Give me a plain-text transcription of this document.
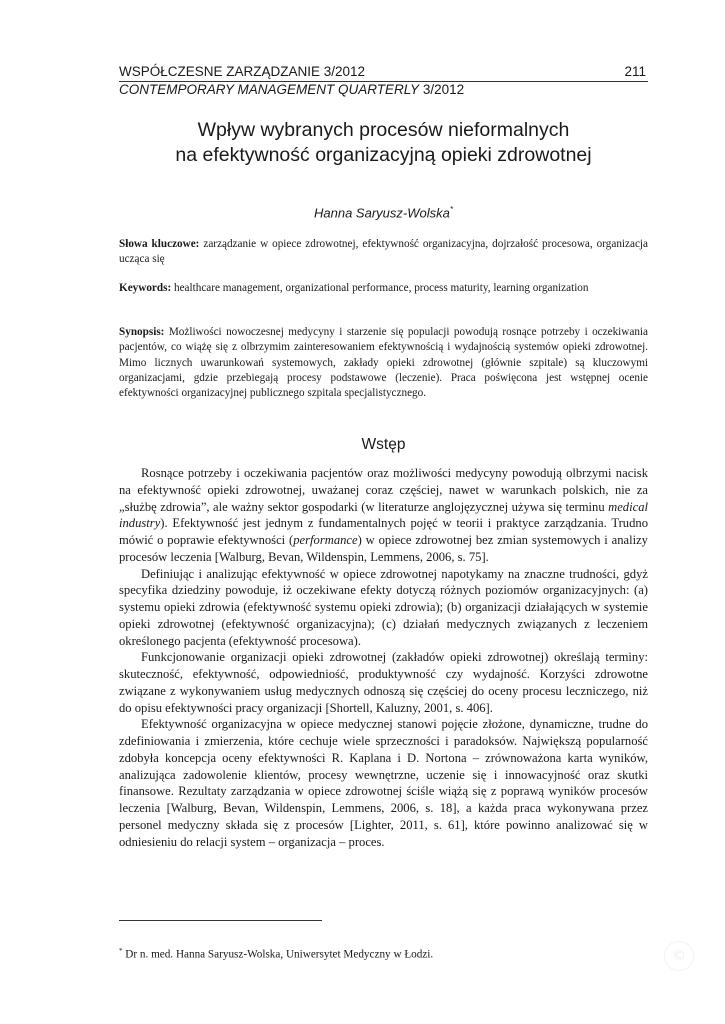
WSPÓŁCZESNE ZARZĄDZANIE 3/2012	211
CONTEMPORARY MANAGEMENT QUARTERLY 3/2012
Wpływ wybranych procesów nieformalnych
na efektywność organizacyjną opieki zdrowotnej
Hanna Saryusz-Wolska*
Słowa kluczowe: zarządzanie w opiece zdrowotnej, efektywność organizacyjna, dojrzałość procesowa, organizacja ucząca się
Keywords: healthcare management, organizational performance, process maturity, learning organization
Synopsis: Możliwości nowoczesnej medycyny i starzenie się populacji powodują rosnące potrzeby i oczekiwania pacjentów, co wiążę się z olbrzymim zainteresowaniem efektywnością i wydajnością systemów opieki zdrowotnej. Mimo licznych uwarunkowań systemowych, zakłady opieki zdrowotnej (głównie szpitale) są kluczowymi organizacjami, gdzie przebiegają procesy podstawowe (leczenie). Praca poświęcona jest wstępnej ocenie efektywności organizacyjnej publicznego szpitala specjalistycznego.
Wstęp

Rosnące potrzeby i oczekiwania pacjentów oraz możliwości medycyny powodują olbrzymi nacisk na efektywność opieki zdrowotnej, uważanej coraz częściej, nawet w warunkach polskich, nie za „służbę zdrowia”, ale ważny sektor gospodarki (w literaturze anglojęzycznej używa się terminu medical industry). Efektywność jest jednym z fundamentalnych pojęć w teorii i praktyce zarządzania. Trudno mówić o poprawie efektywności (performance) w opiece zdrowotnej bez zmian systemowych i analizy procesów leczenia [Walburg, Bevan, Wildenspin, Lemmens, 2006, s. 75].

Definiując i analizując efektywność w opiece zdrowotnej napotykamy na znaczne trudności, gdyż specyfika dziedziny powoduje, iż oczekiwane efekty dotyczą różnych poziomów organizacyjnych: (a) systemu opieki zdrowia (efektywność systemu opieki zdrowia); (b) organizacji działających w systemie opieki zdrowotnej (efektywność organizacyjna); (c) działań medycznych związanych z leczeniem określonego pacjenta (efektywność procesowa).

Funkcjonowanie organizacji opieki zdrowotnej (zakładów opieki zdrowotnej) określają terminy: skuteczność, efektywność, odpowiedniość, produktywność czy wydajność. Korzyści zdrowotne związane z wykonywaniem usług medycznych odnoszą się częściej do oceny procesu leczniczego, niż do opisu efektywności pracy organizacji [Shortell, Kaluzny, 2001, s. 406].

Efektywność organizacyjna w opiece medycznej stanowi pojęcie złożone, dynamiczne, trudne do zdefiniowania i zmierzenia, które cechuje wiele sprzeczności i paradoksów. Największą popularność zdobyła koncepcja oceny efektywności R. Kaplana i D. Nortona – zrównoważona karta wyników, analizująca zadowolenie klientów, procesy wewnętrzne, uczenie się i innowacyjność oraz skutki finansowe. Rezultaty zarządzania w opiece zdrowotnej ściśle wiążą się z poprawą wyników procesów leczenia [Walburg, Bevan, Wildenspin, Lemmens, 2006, s. 18], a każda praca wykonywana przez personel medyczny składa się z procesów [Lighter, 2011, s. 61], które powinno analizować się w odniesieniu do relacji system – organizacja – proces.

* Dr n. med. Hanna Saryusz-Wolska, Uniwersytet Medyczny w Łodzi.	©
